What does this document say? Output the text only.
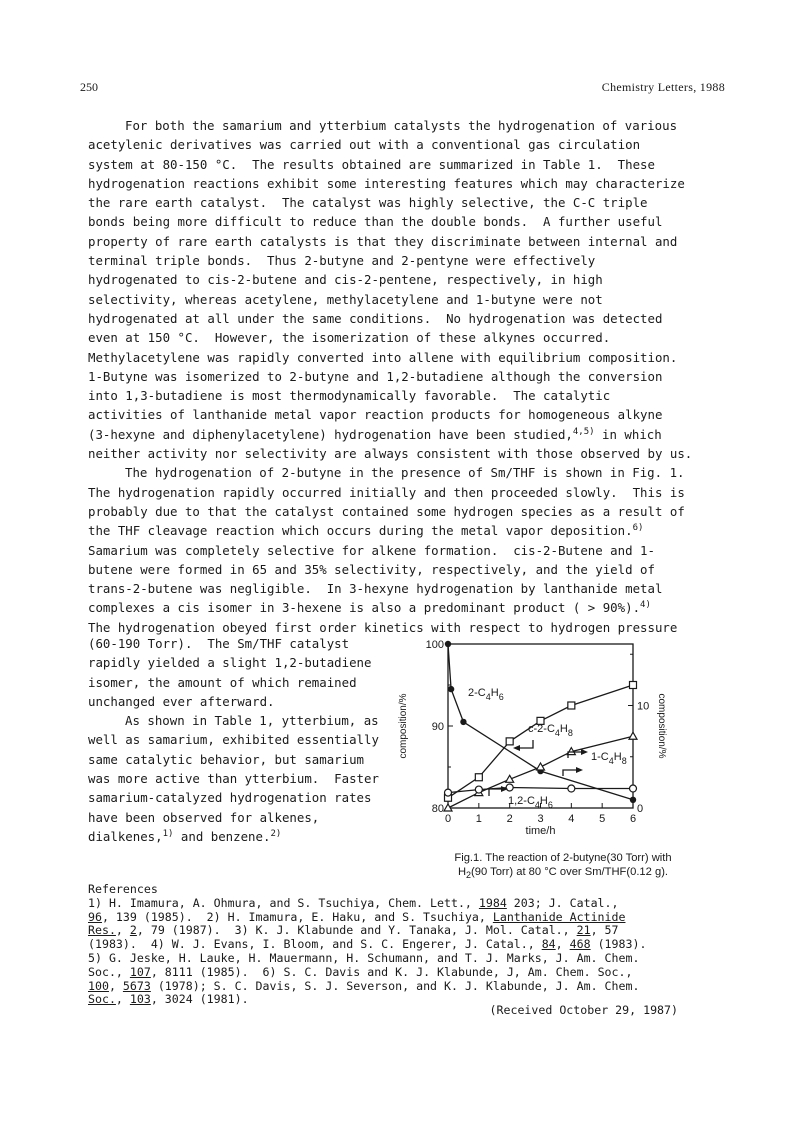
250	Chemistry Letters, 1988
For both the samarium and ytterbium catalysts the hydrogenation of various
acetylenic derivatives was carried out with a conventional gas circulation
system at 80-150 °C.  The results obtained are summarized in Table 1.  These
hydrogenation reactions exhibit some interesting features which may characterize
the rare earth catalyst.  The catalyst was highly selective, the C-C triple
bonds being more difficult to reduce than the double bonds.  A further useful
property of rare earth catalysts is that they discriminate between internal and
terminal triple bonds.  Thus 2-butyne and 2-pentyne were effectively
hydrogenated to cis-2-butene and cis-2-pentene, respectively, in high
selectivity, whereas acetylene, methylacetylene and 1-butyne were not
hydrogenated at all under the same conditions.  No hydrogenation was detected
even at 150 °C.  However, the isomerization of these alkynes occurred.
Methylacetylene was rapidly converted into allene with equilibrium composition.
1-Butyne was isomerized to 2-butyne and 1,2-butadiene although the conversion
into 1,3-butadiene is most thermodynamically favorable.  The catalytic
activities of lanthanide metal vapor reaction products for homogeneous alkyne
(3-hexyne and diphenylacetylene) hydrogenation have been studied,$^{4,5)}$ in which
neither activity nor selectivity are always consistent with those observed by us.
The hydrogenation of 2-butyne in the presence of Sm/THF is shown in Fig. 1.
The hydrogenation rapidly occurred initially and then proceeded slowly.  This is
probably due to that the catalyst contained some hydrogen species as a result of
the THF cleavage reaction which occurs during the metal vapor deposition.$^{6)}$
Samarium was completely selective for alkene formation.  cis-2-Butene and 1-
butene were formed in 65 and 35% selectivity, respectively, and the yield of
trans-2-butene was negligible.  In 3-hexyne hydrogenation by lanthanide metal
complexes a cis isomer in 3-hexene is also a predominant product ( > 90%).$^{4)}$
The hydrogenation obeyed first order kinetics with respect to hydrogen pressure
(60-190 Torr).  The Sm/THF catalyst
rapidly yielded a slight 1,2-butadiene
isomer, the amount of which remained
unchanged ever afterward.
As shown in Table 1, ytterbium, as
well as samarium, exhibited essentially
same catalytic behavior, but samarium
was more active than ytterbium.  Faster
samarium-catalyzed hydrogenation rates
have been observed for alkenes,
dialkenes,$^{1)}$ and benzene.$^{2)}$
0 1 2 3 4 5 6
80
90
100
0
10
time/h
composition/%	composition/%
$2-C_4H_6$
$c-2-C_4H_8$
$1-C_4H_8$
$1,2-C_4H_6$
Fig.1. The reaction of 2-butyne(30 Torr) with
$H_2(90$ Torr) at 80 °C over Sm/THF(0.12 g).
References
1) H. Imamura, A. Ohmura, and S. Tsuchiya, Chem. Lett., 1984 203; J. Catal.,
96, 139 (1985).  2) H. Imamura, E. Haku, and S. Tsuchiya, Lanthanide Actinide
Res., 2, 79 (1987).  3) K. J. Klabunde and Y. Tanaka, J. Mol. Catal., 21, 57
(1983).  4) W. J. Evans, I. Bloom, and S. C. Engerer, J. Catal., 84, 468 (1983).
5) G. Jeske, H. Lauke, H. Mauermann, H. Schumann, and T. J. Marks, J. Am. Chem.
Soc., 107, 8111 (1985).  6) S. C. Davis and K. J. Klabunde, J, Am. Chem. Soc.,
100, 5673 (1978); S. C. Davis, S. J. Severson, and K. J. Klabunde, J. Am. Chem.
Soc., 103, 3024 (1981).
(Received October 29, 1987)
